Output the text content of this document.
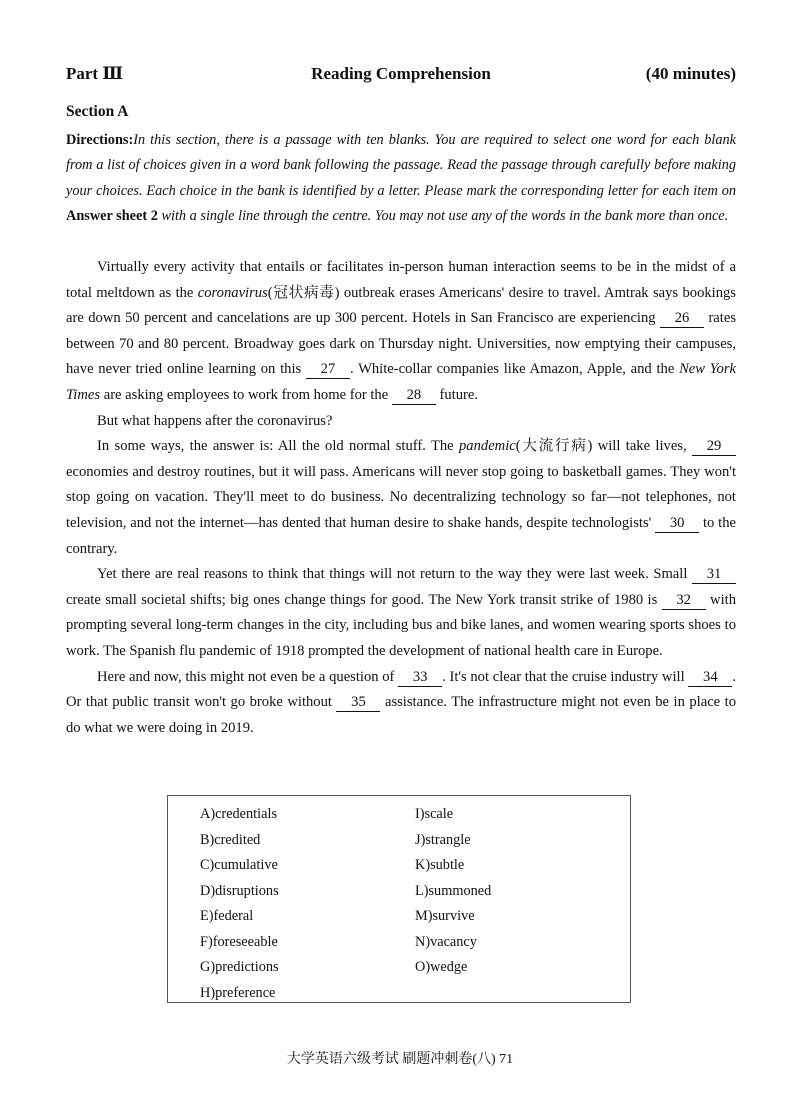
Part Ⅲ	Reading Comprehension	(40 minutes)
Section A
Directions:In this section, there is a passage with ten blanks. You are required to select one word for each blank from a list of choices given in a word bank following the passage. Read the passage through carefully before making your choices. Each choice in the bank is identified by a letter. Please mark the corresponding letter for each item on Answer sheet 2 with a single line through the centre. You may not use any of the words in the bank more than once.

Virtually every activity that entails or facilitates in-person human interaction seems to be in the midst of a total meltdown as the coronavirus(冠状病毒) outbreak erases Americans' desire to travel. Amtrak says bookings are down 50 percent and cancelations are up 300 percent. Hotels in San Francisco are experiencing 26 rates between 70 and 80 percent. Broadway goes dark on Thursday night. Universities, now emptying their campuses, have never tried online learning on this 27 . White-collar companies like Amazon, Apple, and the New York Times are asking employees to work from home for the 28 future.

But what happens after the coronavirus?

In some ways, the answer is: All the old normal stuff. The pandemic(大流行病) will take lives, 29 economies and destroy routines, but it will pass. Americans will never stop going to basketball games. They won't stop going on vacation. They'll meet to do business. No decentralizing technology so far—not telephones, not television, and not the internet—has dented that human desire to shake hands, despite technologists' 30 to the contrary.

Yet there are real reasons to think that things will not return to the way they were last week. Small 31 create small societal shifts; big ones change things for good. The New York transit strike of 1980 is 32 with prompting several long-term changes in the city, including bus and bike lanes, and women wearing sports shoes to work. The Spanish flu pandemic of 1918 prompted the development of national health care in Europe.

Here and now, this might not even be a question of 33 . It's not clear that the cruise industry will 34 . Or that public transit won't go broke without 35 assistance. The infrastructure might not even be in place to do what we were doing in 2019.

A)credentials
B)credited
C)cumulative
D)disruptions
E)federal
F)foreseeable
G)predictions
H)preference
I)scale
J)strangle
K)subtle
L)summoned
M)survive
N)vacancy
O)wedge
大学英语六级考试 刷题冲刺卷(八) 71
